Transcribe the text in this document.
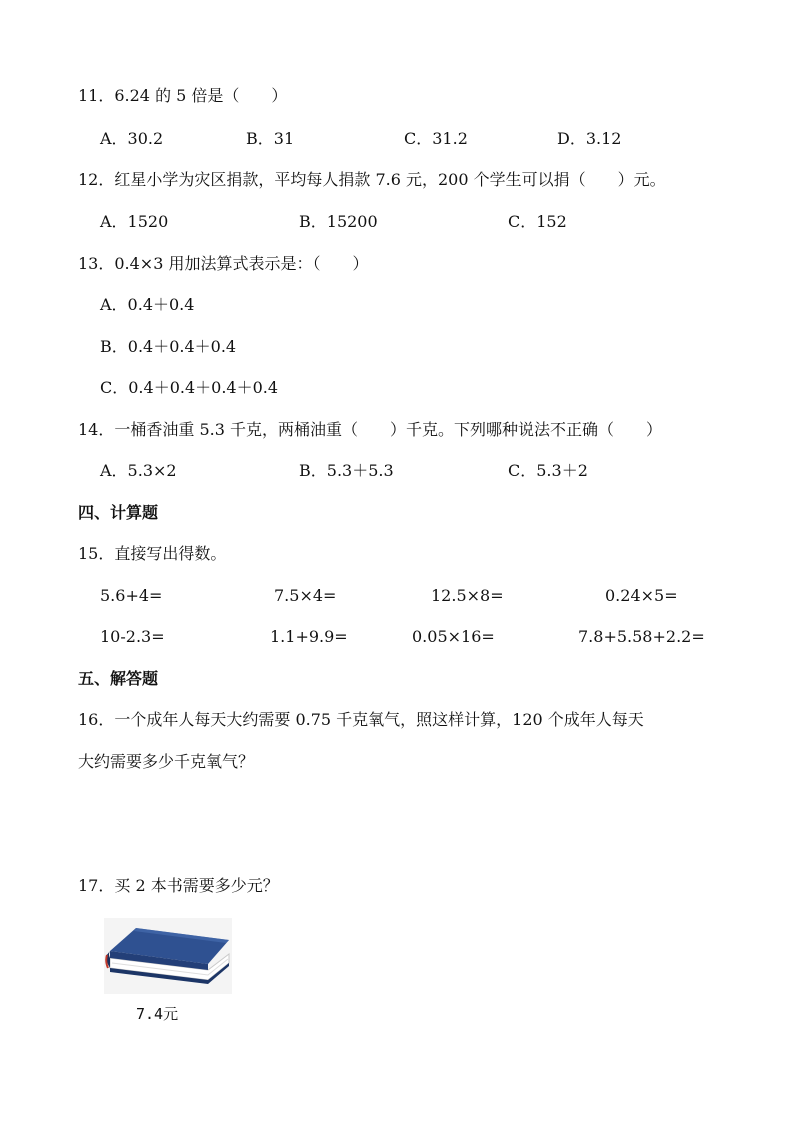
11．6.24 的 5 倍是（　　）
A．30.2	B．31	C．31.2	D．3.12
12．红星小学为灾区捐款，平均每人捐款 7.6 元，200 个学生可以捐（　　）元。
A．1520	B．15200	C．152
13．0.4×3 用加法算式表示是：（　　）
A．0.4＋0.4
B．0.4＋0.4＋0.4
C．0.4＋0.4＋0.4＋0.4
14．一桶香油重 5.3 千克，两桶油重（　　）千克。下列哪种说法不正确（　　）
A．5.3×2	B．5.3＋5.3	C．5.3＋2
四、计算题
15．直接写出得数。
5.6+4=	7.5×4=	12.5×8=	0.24×5=
10-2.3=	1.1+9.9=	0.05×16=	7.8+5.58+2.2=
五、解答题
16．一个成年人每天大约需要 0.75 千克氧气，照这样计算，120 个成年人每天
大约需要多少千克氧气？
17．买 2 本书需要多少元？
7.4元
